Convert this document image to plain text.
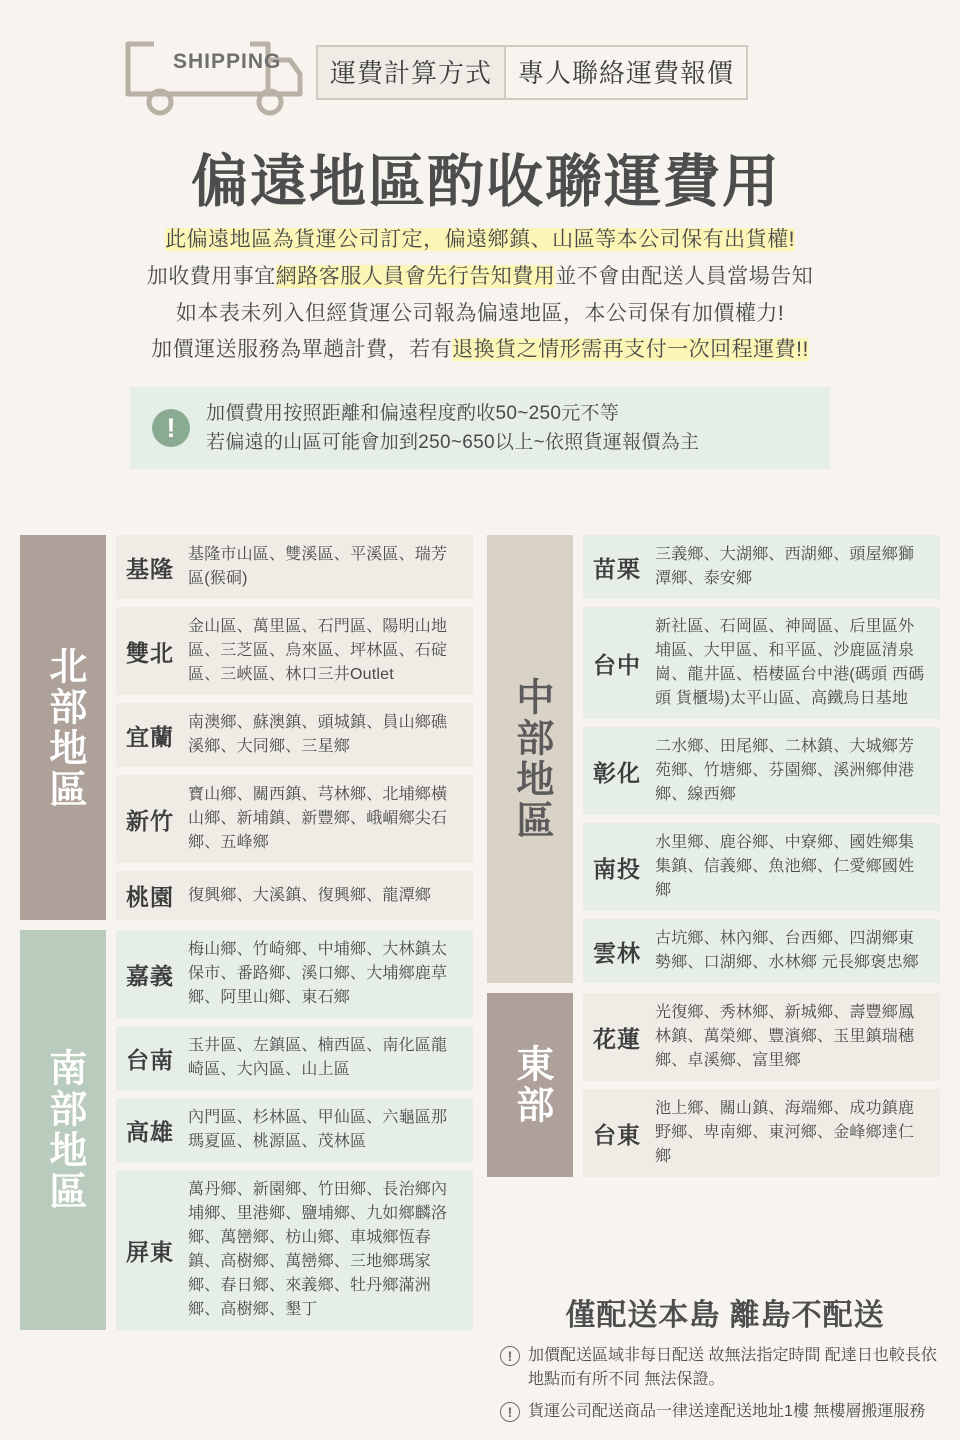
SHIPPING	運費計算方式	專人聯絡運費報價
偏遠地區酌收聯運費用
此偏遠地區為貨運公司訂定，偏遠鄉鎮、山區等本公司保有出貨權!
加收費用事宜網路客服人員會先行告知費用並不會由配送人員當場告知
如本表未列入但經貨運公司報為偏遠地區，本公司保有加價權力!
加價運送服務為單趟計費，若有退換貨之情形需再支付一次回程運費!!
!	加價費用按照距離和偏遠程度酌收50~250元不等
若偏遠的山區可能會加到250~650以上~依照貨運報價為主
北部地區
基隆
基隆市山區、雙溪區、平溪區、瑞芳區(猴硐)
雙北
金山區、萬里區、石門區、陽明山地區、三芝區、烏來區、坪林區、石碇區、三峽區、林口三井Outlet
宜蘭
南澳鄉、蘇澳鎮、頭城鎮、員山鄉礁溪鄉、大同鄉、三星鄉
新竹
寶山鄉、關西鎮、芎林鄉、北埔鄉橫山鄉、新埔鎮、新豐鄉、峨嵋鄉尖石鄉、五峰鄉
桃園 復興鄉、大溪鎮、復興鄉、龍潭鄉
南部地區
嘉義
梅山鄉、竹崎鄉、中埔鄉、大林鎮太保市、番路鄉、溪口鄉、大埔鄉鹿草鄉、阿里山鄉、東石鄉
台南
玉井區、左鎮區、楠西區、南化區龍崎區、大內區、山上區
高雄
內門區、杉林區、甲仙區、六龜區那瑪夏區、桃源區、茂林區
屏東
萬丹鄉、新園鄉、竹田鄉、長治鄉內埔鄉、里港鄉、鹽埔鄉、九如鄉麟洛鄉、萬巒鄉、枋山鄉、車城鄉恆春鎮、高樹鄉、萬巒鄉、三地鄉瑪家鄉、春日鄉、來義鄉、牡丹鄉滿洲鄉、高樹鄉、墾丁
中部地區
苗栗
三義鄉、大湖鄉、西湖鄉、頭屋鄉獅潭鄉、泰安鄉
台中
新社區、石岡區、神岡區、后里區外埔區、大甲區、和平區、沙鹿區清泉崗、龍井區、梧棲區台中港(碼頭 西碼頭 貨櫃場)太平山區、高鐵烏日基地
彰化
二水鄉、田尾鄉、二林鎮、大城鄉芳苑鄉、竹塘鄉、芬園鄉、溪洲鄉伸港鄉、線西鄉
南投
水里鄉、鹿谷鄉、中寮鄉、國姓鄉集集鎮、信義鄉、魚池鄉、仁愛鄉國姓鄉
雲林
古坑鄉、林內鄉、台西鄉、四湖鄉東勢鄉、口湖鄉、水林鄉 元長鄉褒忠鄉
東部
花蓮
光復鄉、秀林鄉、新城鄉、壽豐鄉鳳林鎮、萬榮鄉、豐濱鄉、玉里鎮瑞穗鄉、卓溪鄉、富里鄉
台東
池上鄉、關山鎮、海端鄉、成功鎮鹿野鄉、卑南鄉、東河鄉、金峰鄉達仁鄉
僅配送本島 離島不配送
! 加價配送區域非每日配送 故無法指定時間 配達日也較長依地點而有所不同 無法保證。
! 貨運公司配送商品一律送達配送地址1樓 無樓層搬運服務
